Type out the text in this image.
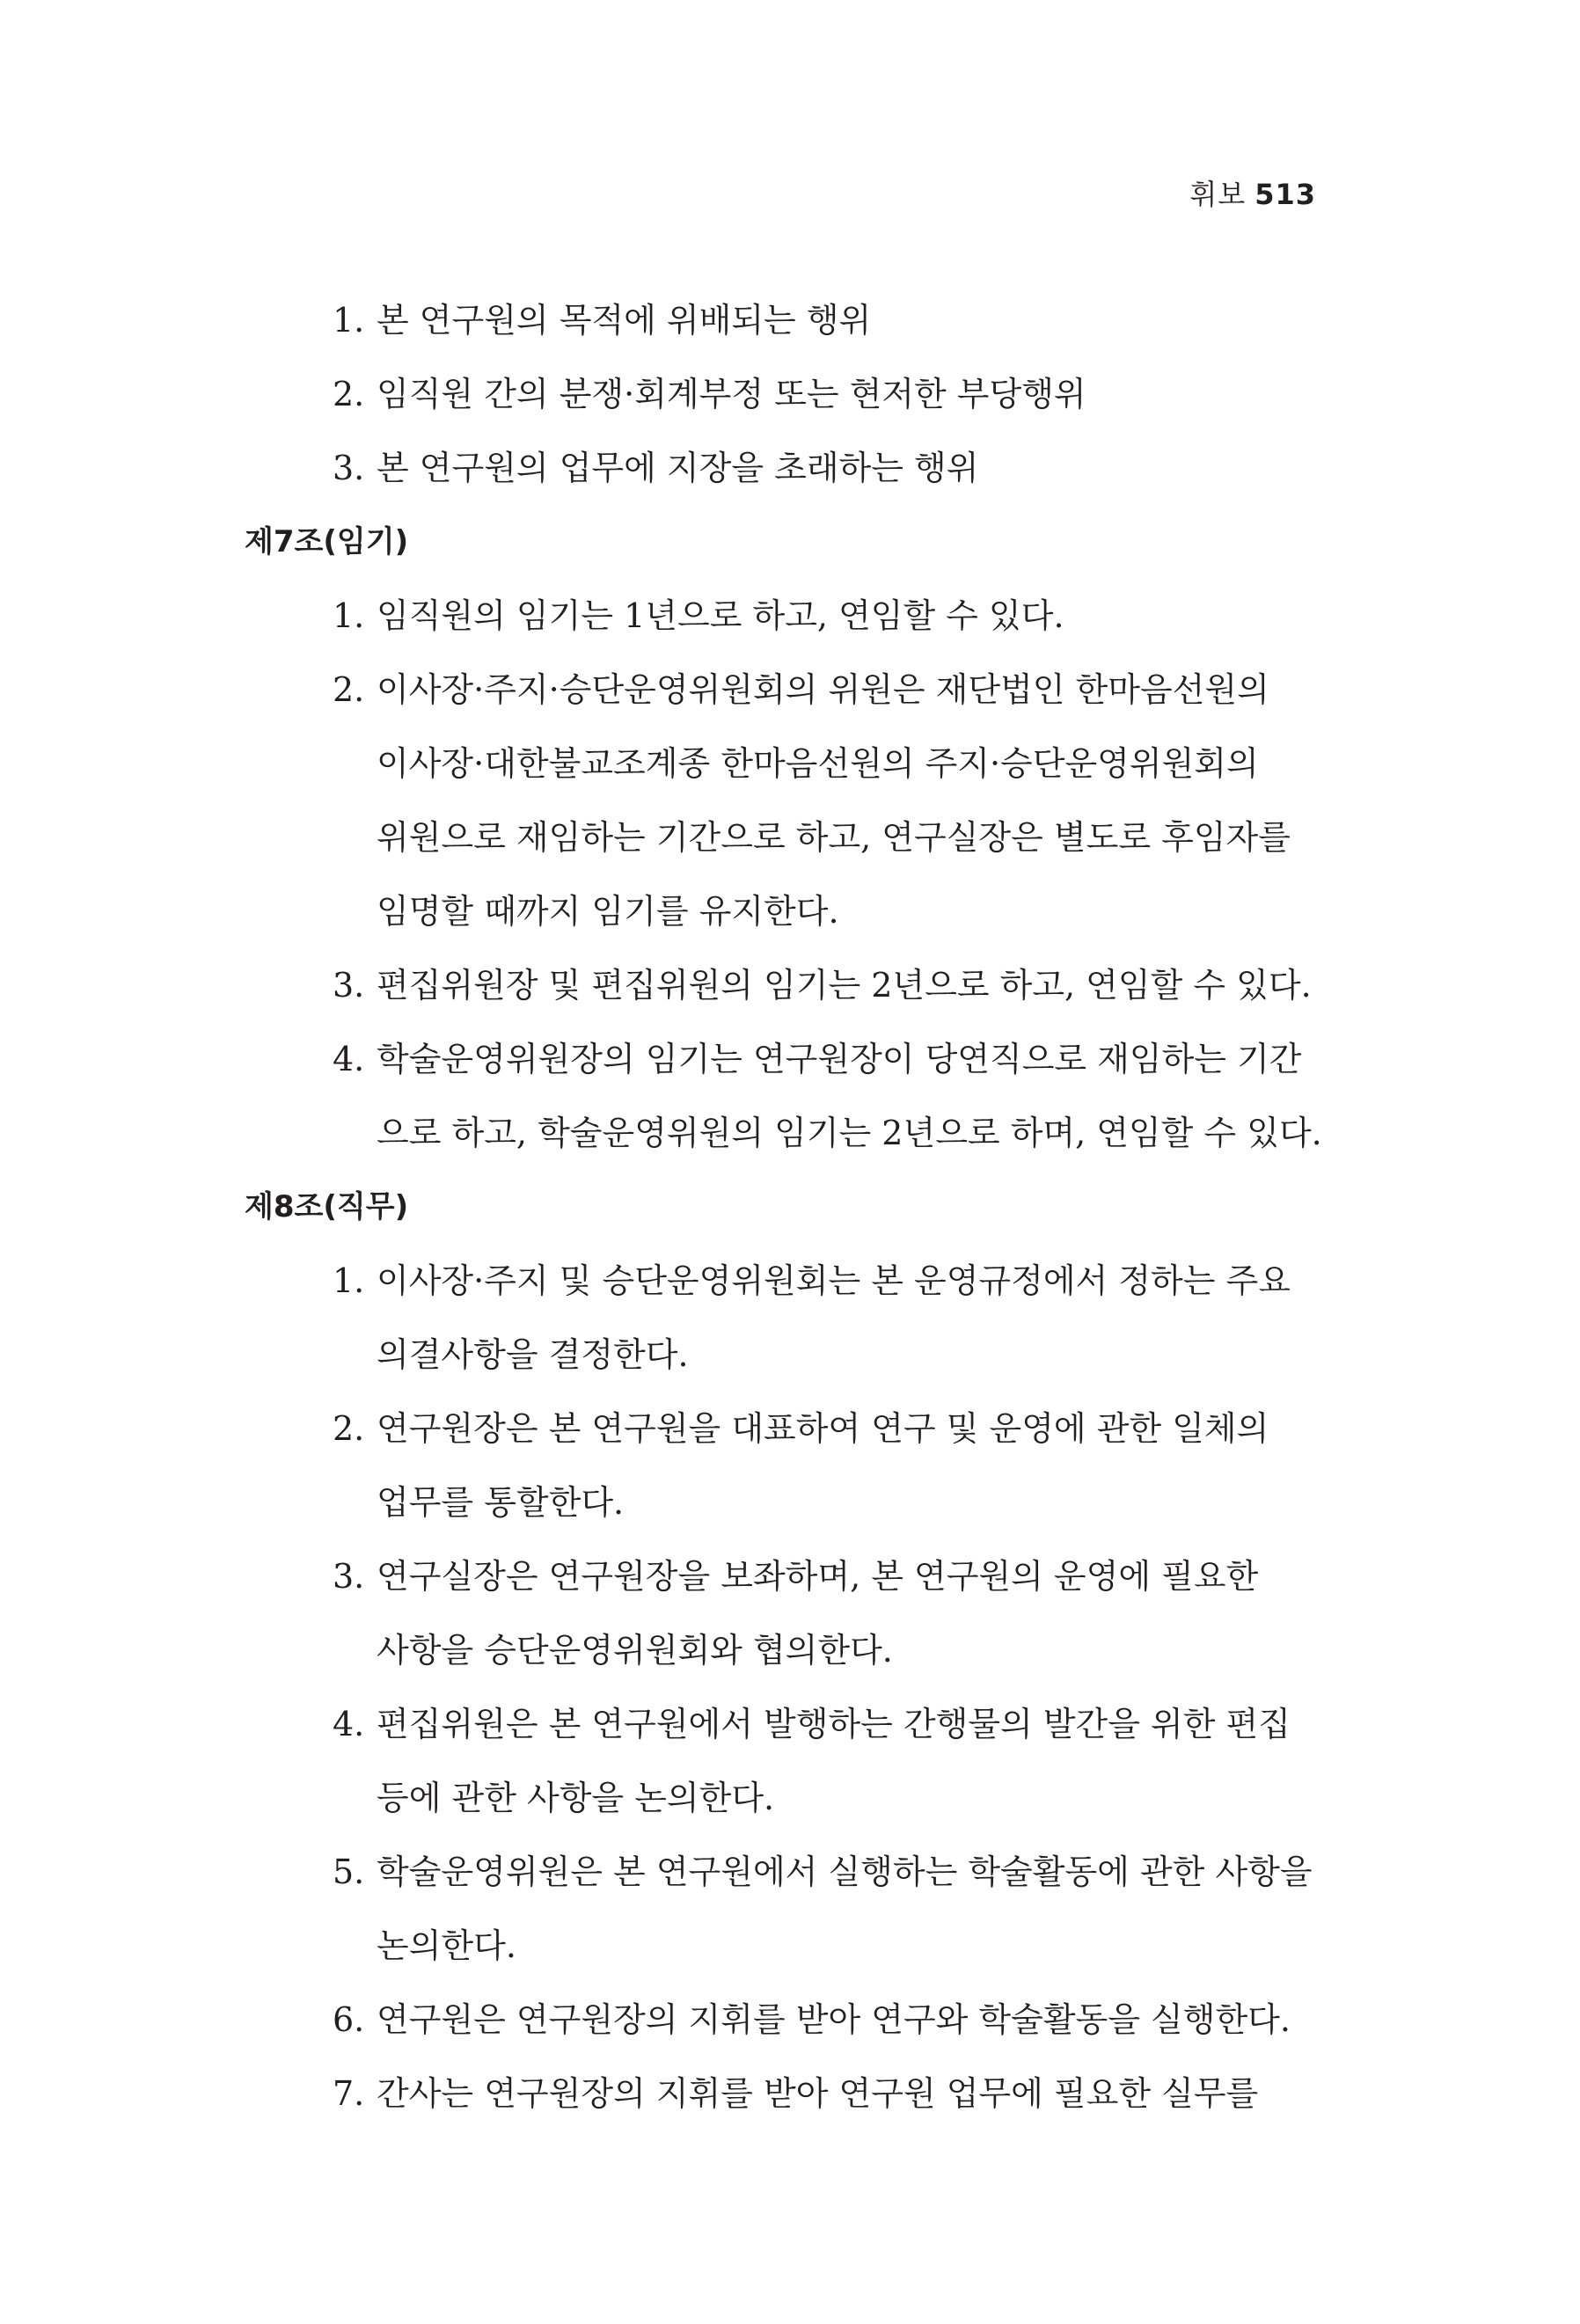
휘보 513
1. 본 연구원의 목적에 위배되는 행위
2. 임직원 간의 분쟁·회계부정 또는 현저한 부당행위
3. 본 연구원의 업무에 지장을 초래하는 행위
제7조(임기)
1. 임직원의 임기는 1년으로 하고, 연임할 수 있다.
2. 이사장·주지·승단운영위원회의 위원은 재단법인 한마음선원의
이사장·대한불교조계종 한마음선원의 주지·승단운영위원회의
위원으로 재임하는 기간으로 하고, 연구실장은 별도로 후임자를
임명할 때까지 임기를 유지한다.
3. 편집위원장 및 편집위원의 임기는 2년으로 하고, 연임할 수 있다.
4. 학술운영위원장의 임기는 연구원장이 당연직으로 재임하는 기간
으로 하고, 학술운영위원의 임기는 2년으로 하며, 연임할 수 있다.
제8조(직무)
1. 이사장·주지 및 승단운영위원회는 본 운영규정에서 정하는 주요
의결사항을 결정한다.
2. 연구원장은 본 연구원을 대표하여 연구 및 운영에 관한 일체의
업무를 통할한다.
3. 연구실장은 연구원장을 보좌하며, 본 연구원의 운영에 필요한
사항을 승단운영위원회와 협의한다.
4. 편집위원은 본 연구원에서 발행하는 간행물의 발간을 위한 편집
등에 관한 사항을 논의한다.
5. 학술운영위원은 본 연구원에서 실행하는 학술활동에 관한 사항을
논의한다.
6. 연구원은 연구원장의 지휘를 받아 연구와 학술활동을 실행한다.
7. 간사는 연구원장의 지휘를 받아 연구원 업무에 필요한 실무를
